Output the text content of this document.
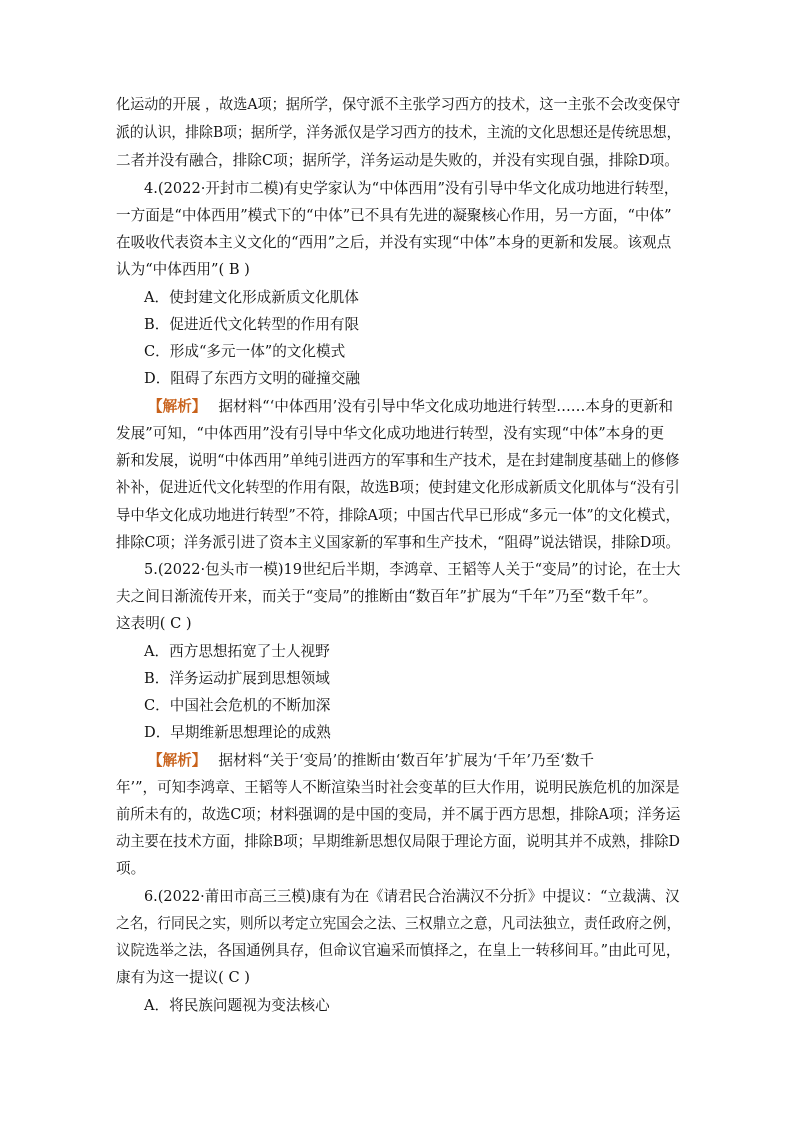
化运动的开展 ，故选A项；据所学，保守派不主张学习西方的技术，这一主张不会改变保守
派的认识，排除B项；据所学，洋务派仅是学习西方的技术，主流的文化思想还是传统思想，
二者并没有融合，排除C项；据所学，洋务运动是失败的，并没有实现自强，排除D项。
4.(2022·开封市二模)有史学家认为“中体西用”没有引导中华文化成功地进行转型，
一方面是“中体西用”模式下的“中体”已不具有先进的凝聚核心作用，另一方面，“中体”
在吸收代表资本主义文化的“西用”之后，并没有实现“中体”本身的更新和发展。该观点
认为“中体西用”( B )
A．使封建文化形成新质文化肌体
B．促进近代文化转型的作用有限
C．形成“多元一体”的文化模式
D．阻碍了东西方文明的碰撞交融
【解析】 据材料“‘中体西用’没有引导中华文化成功地进行转型……本身的更新和
发展”可知，“中体西用”没有引导中华文化成功地进行转型，没有实现“中体”本身的更
新和发展，说明“中体西用”单纯引进西方的军事和生产技术，是在封建制度基础上的修修
补补，促进近代文化转型的作用有限，故选B项；使封建文化形成新质文化肌体与“没有引
导中华文化成功地进行转型”不符，排除A项；中国古代早已形成“多元一体”的文化模式，
排除C项；洋务派引进了资本主义国家新的军事和生产技术，“阻碍”说法错误，排除D项。
5.(2022·包头市一模)19世纪后半期，李鸿章、王韬等人关于“变局”的讨论，在士大
夫之间日渐流传开来，而关于“变局”的推断由“数百年”扩展为“千年”乃至“数千年”。
这表明( C )
A．西方思想拓宽了士人视野
B．洋务运动扩展到思想领域
C．中国社会危机的不断加深
D．早期维新思想理论的成熟
【解析】 据材料“关于‘变局’的推断由‘数百年’扩展为‘千年’乃至‘数千
年’”，可知李鸿章、王韬等人不断渲染当时社会变革的巨大作用，说明民族危机的加深是
前所未有的，故选C项；材料强调的是中国的变局，并不属于西方思想，排除A项；洋务运
动主要在技术方面，排除B项；早期维新思想仅局限于理论方面，说明其并不成熟，排除D
项。
6.(2022·莆田市高三三模)康有为在《请君民合治满汉不分折》中提议：“立裁满、汉
之名，行同民之实，则所以考定立宪国会之法、三权鼎立之意，凡司法独立，责任政府之例，
议院选举之法，各国通例具存，但命议官遍采而慎择之，在皇上一转移间耳。”由此可见，
康有为这一提议( C )
A．将民族问题视为变法核心
